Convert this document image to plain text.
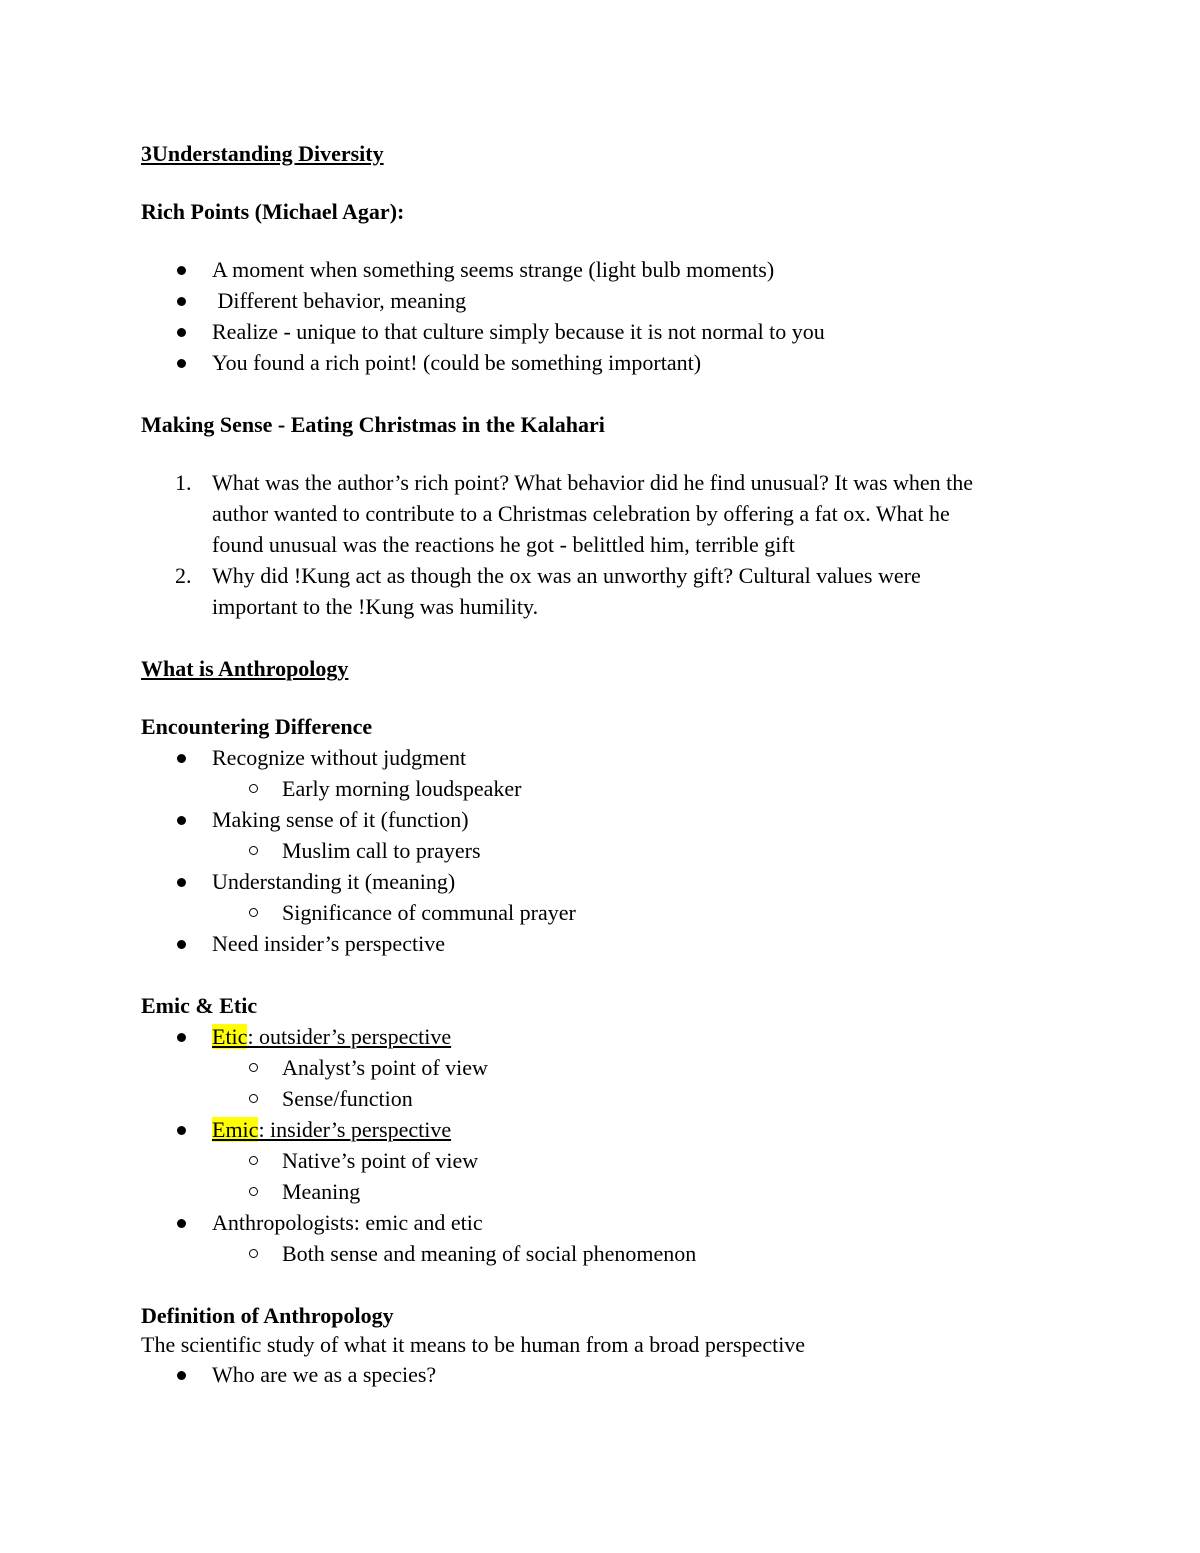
3Understanding Diversity
Rich Points (Michael Agar):
A moment when something seems strange (light bulb moments)
Different behavior, meaning
Realize - unique to that culture simply because it is not normal to you
You found a rich point! (could be something important)
Making Sense - Eating Christmas in the Kalahari
1. What was the author’s rich point? What behavior did he find unusual? It was when the
author wanted to contribute to a Christmas celebration by offering a fat ox. What he
found unusual was the reactions he got - belittled him, terrible gift
2. Why did !Kung act as though the ox was an unworthy gift? Cultural values were
important to the !Kung was humility.
What is Anthropology
Encountering Difference
Recognize without judgment
Early morning loudspeaker
Making sense of it (function)
Muslim call to prayers
Understanding it (meaning)
Significance of communal prayer
Need insider’s perspective
Emic & Etic
Etic: outsider’s perspective
Analyst’s point of view
Sense/function
Emic: insider’s perspective
Native’s point of view
Meaning
Anthropologists: emic and etic
Both sense and meaning of social phenomenon
Definition of Anthropology
The scientific study of what it means to be human from a broad perspective
Who are we as a species?
